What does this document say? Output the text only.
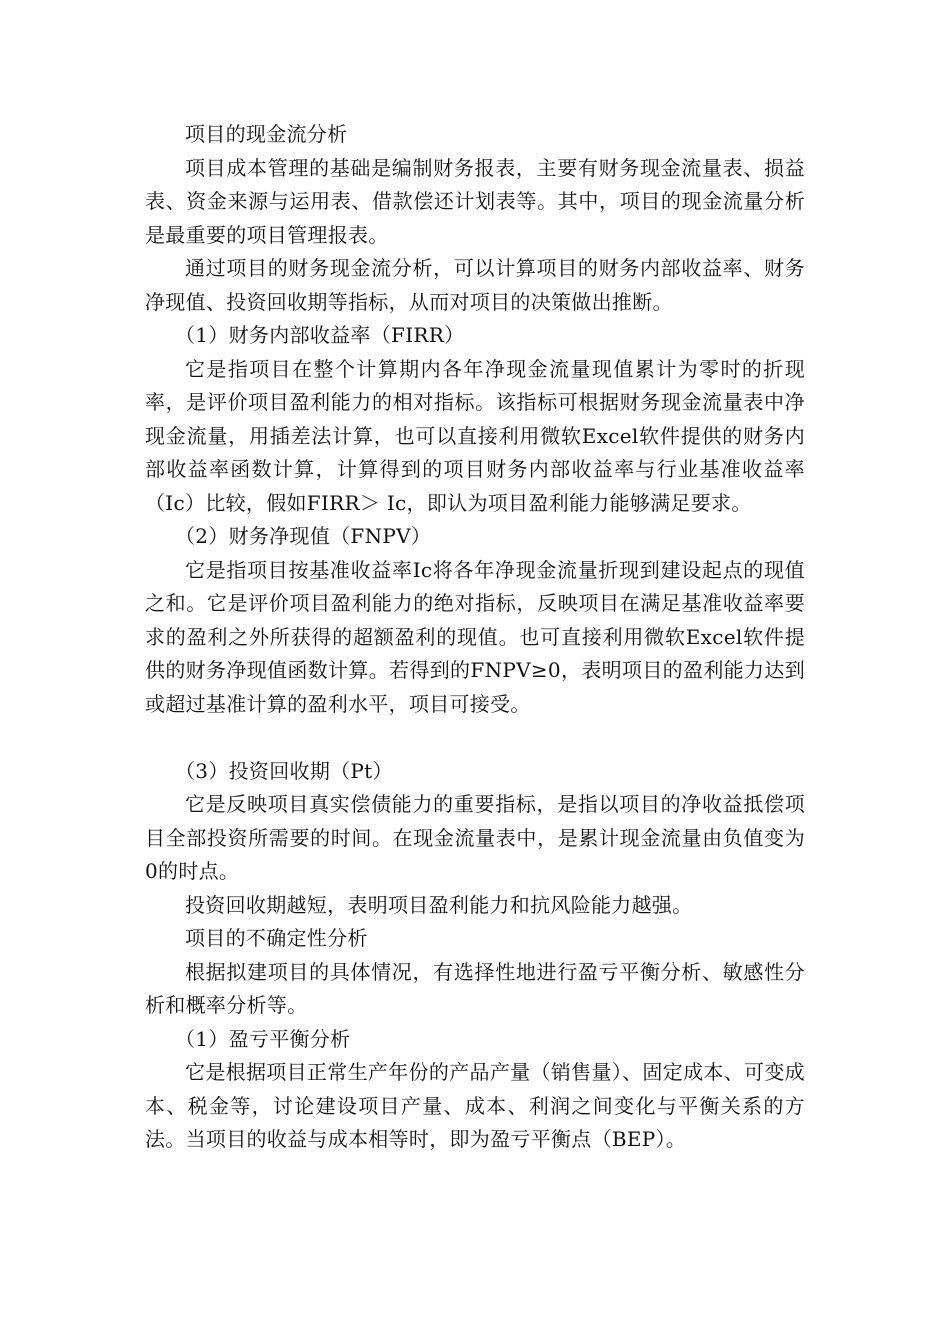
项目的现金流分析

项目成本管理的基础是编制财务报表，主要有财务现金流量表、损益表、资金来源与运用表、借款偿还计划表等。其中，项目的现金流量分析是最重要的项目管理报表。

通过项目的财务现金流分析，可以计算项目的财务内部收益率、财务净现值、投资回收期等指标，从而对项目的决策做出推断。

（1）财务内部收益率（FIRR）

它是指项目在整个计算期内各年净现金流量现值累计为零时的折现率，是评价项目盈利能力的相对指标。该指标可根据财务现金流量表中净现金流量，用插差法计算，也可以直接利用微软Excel软件提供的财务内部收益率函数计算，计算得到的项目财务内部收益率与行业基准收益率（Ic）比较，假如FIRR＞ Ic，即认为项目盈利能力能够满足要求。

（2）财务净现值（FNPV）

它是指项目按基准收益率Ic将各年净现金流量折现到建设起点的现值之和。它是评价项目盈利能力的绝对指标，反映项目在满足基准收益率要求的盈利之外所获得的超额盈利的现值。也可直接利用微软Excel软件提供的财务净现值函数计算。若得到的FNPV≥0，表明项目的盈利能力达到或超过基准计算的盈利水平，项目可接受。

（3）投资回收期（Pt）

它是反映项目真实偿债能力的重要指标，是指以项目的净收益抵偿项目全部投资所需要的时间。在现金流量表中，是累计现金流量由负值变为0的时点。

投资回收期越短，表明项目盈利能力和抗风险能力越强。

项目的不确定性分析

根据拟建项目的具体情况，有选择性地进行盈亏平衡分析、敏感性分析和概率分析等。

（1）盈亏平衡分析

它是根据项目正常生产年份的产品产量（销售量）、固定成本、可变成本、税金等，讨论建设项目产量、成本、利润之间变化与平衡关系的方法。当项目的收益与成本相等时，即为盈亏平衡点（BEP）。
